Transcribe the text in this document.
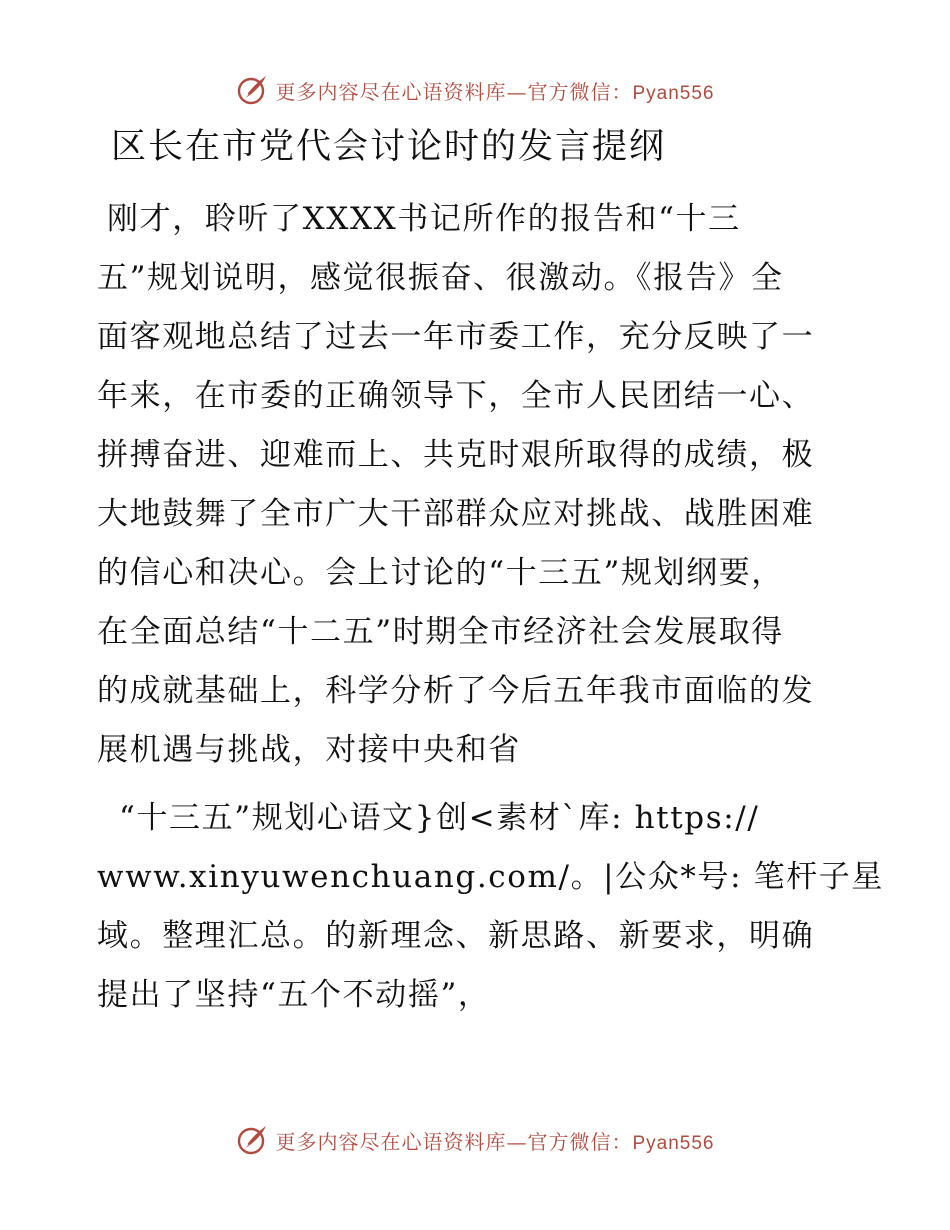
更多内容尽在心语资料库—官方微信：Pyan556
区长在市党代会讨论时的发言提纲
刚才，聆听了XXXX书记所作的报告和“十三
五”规划说明，感觉很振奋、很激动。《报告》全
面客观地总结了过去一年市委工作，充分反映了一
年来，在市委的正确领导下，全市人民团结一心、
拼搏奋进、迎难而上、共克时艰所取得的成绩，极
大地鼓舞了全市广大干部群众应对挑战、战胜困难
的信心和决心。会上讨论的“十三五”规划纲要，
在全面总结“十二五”时期全市经济社会发展取得
的成就基础上，科学分析了今后五年我市面临的发
展机遇与挑战，对接中央和省
“十三五”规划心语文}创<素材`库: https://
www.xinyuwenchuang.com/。|公众*号: 笔杆子星
域。整理汇总。的新理念、新思路、新要求，明确
提出了坚持“五个不动摇”，
更多内容尽在心语资料库—官方微信：Pyan556
